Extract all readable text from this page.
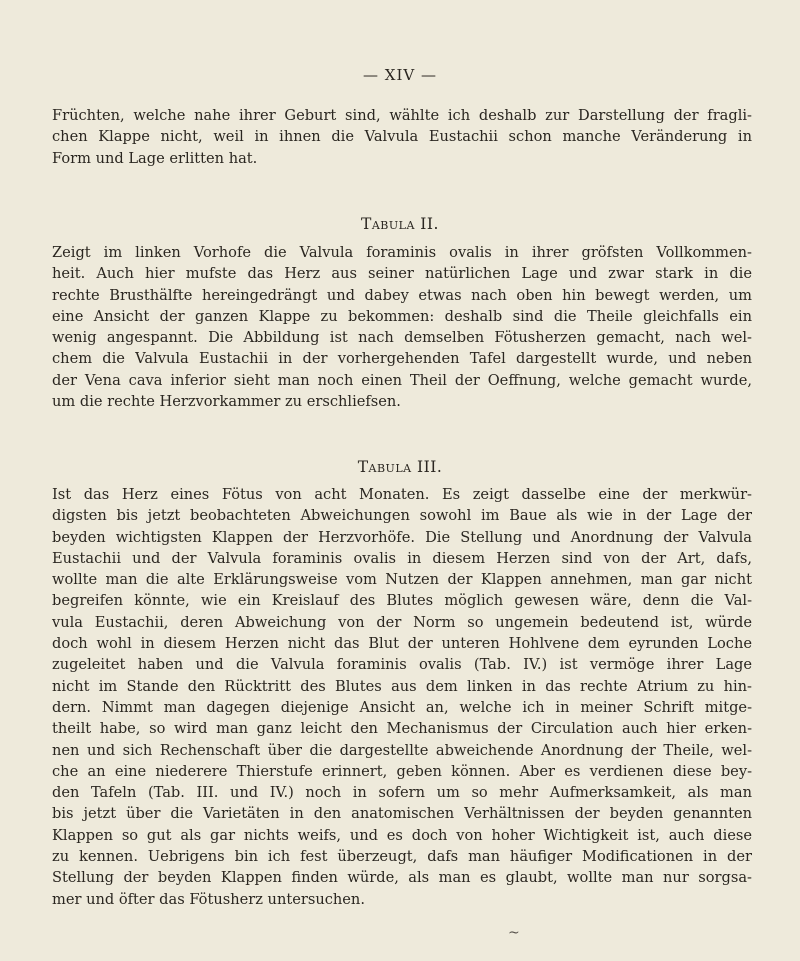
— XIV —
Früchten, welche nahe ihrer Geburt sind, wählte ich deshalb zur Darstellung der fragli-
chen Klappe nicht, weil in ihnen die Valvula Eustachii schon manche Veränderung in
Form und Lage erlitten hat.
Tabula II.
Zeigt im linken Vorhofe die Valvula foraminis ovalis in ihrer gröfsten Vollkommen-
heit. Auch hier mufste das Herz aus seiner natürlichen Lage und zwar stark in die
rechte Brusthälfte hereingedrängt und dabey etwas nach oben hin bewegt werden, um
eine Ansicht der ganzen Klappe zu bekommen: deshalb sind die Theile gleichfalls ein
wenig angespannt. Die Abbildung ist nach demselben Fötusherzen gemacht, nach wel-
chem die Valvula Eustachii in der vorhergehenden Tafel dargestellt wurde, und neben
der Vena cava inferior sieht man noch einen Theil der Oeffnung, welche gemacht wurde,
um die rechte Herzvorkammer zu erschliefsen.
Tabula III.
Ist das Herz eines Fötus von acht Monaten. Es zeigt dasselbe eine der merkwür-
digsten bis jetzt beobachteten Abweichungen sowohl im Baue als wie in der Lage der
beyden wichtigsten Klappen der Herzvorhöfe. Die Stellung und Anordnung der Valvula
Eustachii und der Valvula foraminis ovalis in diesem Herzen sind von der Art, dafs,
wollte man die alte Erklärungsweise vom Nutzen der Klappen annehmen, man gar nicht
begreifen könnte, wie ein Kreislauf des Blutes möglich gewesen wäre, denn die Val-
vula Eustachii, deren Abweichung von der Norm so ungemein bedeutend ist, würde
doch wohl in diesem Herzen nicht das Blut der unteren Hohlvene dem eyrunden Loche
zugeleitet haben und die Valvula foraminis ovalis (Tab. IV.) ist vermöge ihrer Lage
nicht im Stande den Rücktritt des Blutes aus dem linken in das rechte Atrium zu hin-
dern. Nimmt man dagegen diejenige Ansicht an, welche ich in meiner Schrift mitge-
theilt habe, so wird man ganz leicht den Mechanismus der Circulation auch hier erken-
nen und sich Rechenschaft über die dargestellte abweichende Anordnung der Theile, wel-
che an eine niederere Thierstufe erinnert, geben können. Aber es verdienen diese bey-
den Tafeln (Tab. III. und IV.) noch in sofern um so mehr Aufmerksamkeit, als man
bis jetzt über die Varietäten in den anatomischen Verhältnissen der beyden genannten
Klappen so gut als gar nichts weifs, und es doch von hoher Wichtigkeit ist, auch diese
zu kennen. Uebrigens bin ich fest überzeugt, dafs man häufiger Modificationen in der
Stellung der beyden Klappen finden würde, als man es glaubt, wollte man nur sorgsa-
mer und öfter das Fötusherz untersuchen.
~
